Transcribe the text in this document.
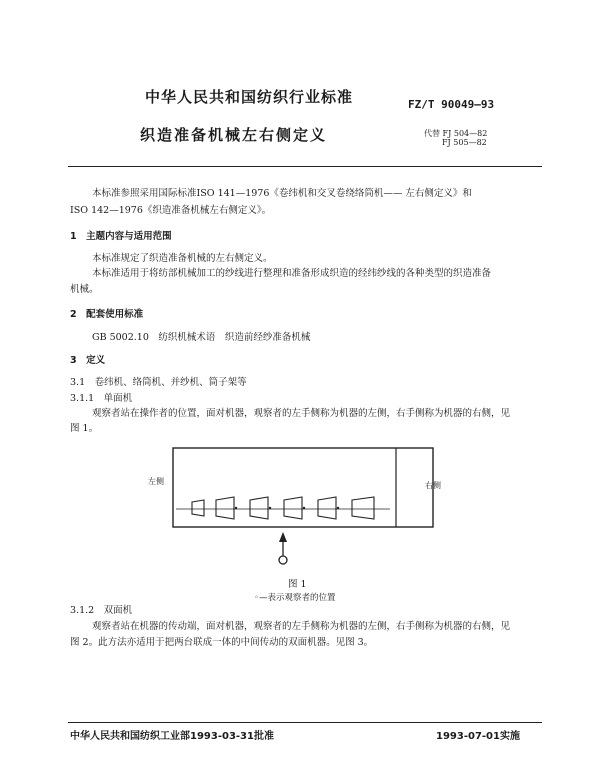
中华人民共和国纺织行业标准	FZ/T 90049—93
织造准备机械左右侧定义	代替 FJ 504—82
FJ 505—82
本标准参照采用国际标准ISO 141—1976《卷纬机和交叉卷绕络筒机—— 左右侧定义》和
ISO 142—1976《织造准备机械左右侧定义》。
1　主题内容与适用范围
本标准规定了织造准备机械的左右侧定义。
本标准适用于将纺部机械加工的纱线进行整理和准备形成织造的经纬纱线的各种类型的织造准备
机械。
2　配套使用标准
GB 5002.10　纺织机械术语　织造前经纱准备机械
3　定义
3.1　卷纬机、络筒机、并纱机、筒子架等
3.1.1　单面机
观察者站在操作者的位置，面对机器，观察者的左手侧称为机器的左侧，右手侧称为机器的右侧，见
图 1。
左侧	右侧
图 1
◦—表示观察者的位置
3.1.2　双面机
观察者站在机器的传动端，面对机器，观察者的左手侧称为机器的左侧，右手侧称为机器的右侧，见
图 2。此方法亦适用于把两台联成一体的中间传动的双面机器。见图 3。
中华人民共和国纺织工业部1993-03-31批准	1993-07-01实施
